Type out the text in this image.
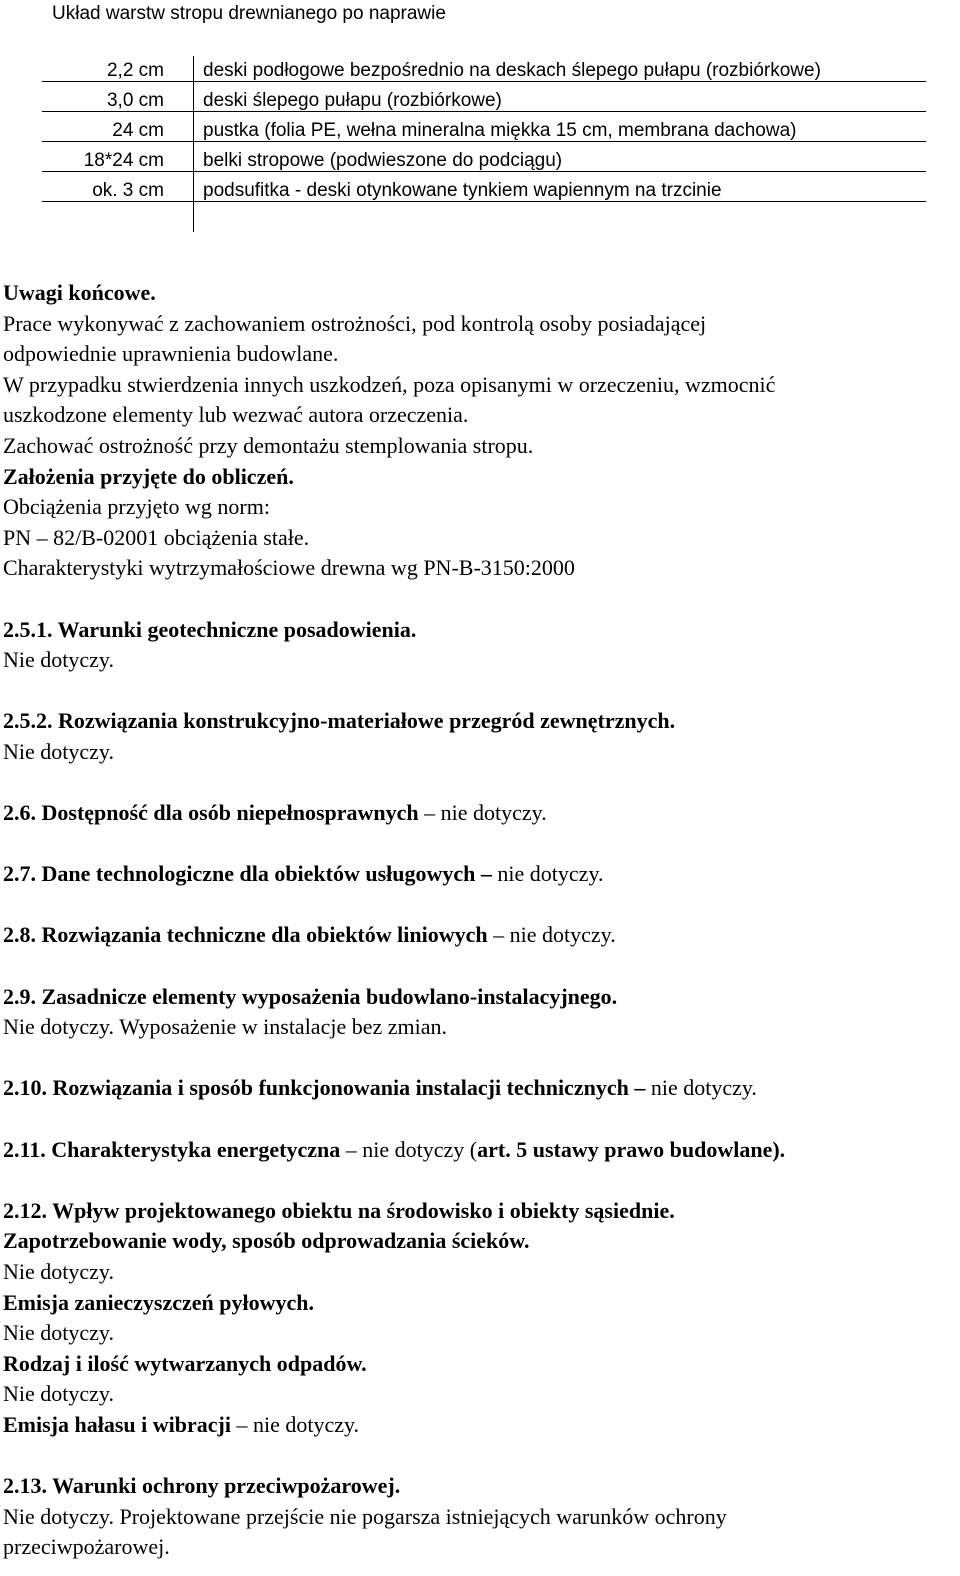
Układ warstw stropu drewnianego po naprawie
2,2 cm deski podłogowe bezpośrednio na deskach ślepego pułapu (rozbiórkowe)
3,0 cm deski ślepego pułapu (rozbiórkowe)
24 cm pustka (folia PE, wełna mineralna miękka 15 cm, membrana dachowa)
18*24 cm belki stropowe (podwieszone do podciągu)
ok. 3 cm podsufitka - deski otynkowane tynkiem wapiennym na trzcinie

Uwagi końcowe.

Prace wykonywać z zachowaniem ostrożności, pod kontrolą osoby posiadającej

odpowiednie uprawnienia budowlane.

W przypadku stwierdzenia innych uszkodzeń, poza opisanymi w orzeczeniu, wzmocnić

uszkodzone elementy lub wezwać autora orzeczenia.

Zachować ostrożność przy demontażu stemplowania stropu.

Założenia przyjęte do obliczeń.

Obciążenia przyjęto wg norm:

PN – 82/B-02001 obciążenia stałe.

Charakterystyki wytrzymałościowe drewna wg PN-B-3150:2000

2.5.1. Warunki geotechniczne posadowienia.

Nie dotyczy.

2.5.2. Rozwiązania konstrukcyjno-materiałowe przegród zewnętrznych.

Nie dotyczy.

2.6. Dostępność dla osób niepełnosprawnych – nie dotyczy.

2.7. Dane technologiczne dla obiektów usługowych – nie dotyczy.

2.8. Rozwiązania techniczne dla obiektów liniowych – nie dotyczy.

2.9. Zasadnicze elementy wyposażenia budowlano-instalacyjnego.

Nie dotyczy. Wyposażenie w instalacje bez zmian.

2.10. Rozwiązania i sposób funkcjonowania instalacji technicznych – nie dotyczy.

2.11. Charakterystyka energetyczna – nie dotyczy (art. 5 ustawy prawo budowlane).

2.12. Wpływ projektowanego obiektu na środowisko i obiekty sąsiednie.

Zapotrzebowanie wody, sposób odprowadzania ścieków.

Nie dotyczy.

Emisja zanieczyszczeń pyłowych.

Nie dotyczy.

Rodzaj i ilość wytwarzanych odpadów.

Nie dotyczy.

Emisja hałasu i wibracji – nie dotyczy.

2.13. Warunki ochrony przeciwpożarowej.

Nie dotyczy. Projektowane przejście nie pogarsza istniejących warunków ochrony

przeciwpożarowej.
